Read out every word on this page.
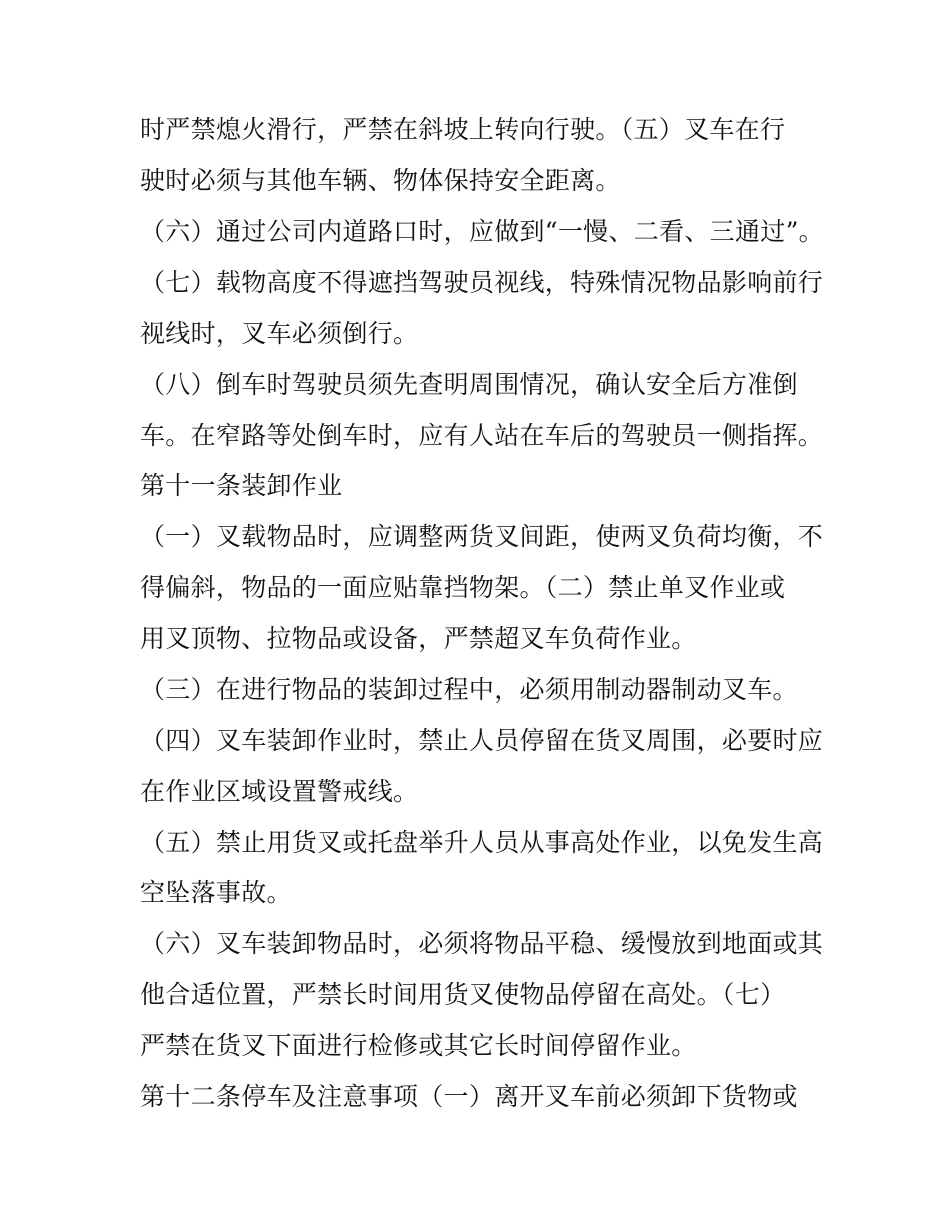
时严禁熄火滑行，严禁在斜坡上转向行驶。（五）叉车在行
驶时必须与其他车辆、物体保持安全距离。
（六）通过公司内道路口时，应做到“一慢、二看、三通过”。
（七）载物高度不得遮挡驾驶员视线，特殊情况物品影响前行
视线时，叉车必须倒行。
（八）倒车时驾驶员须先查明周围情况，确认安全后方准倒
车。在窄路等处倒车时，应有人站在车后的驾驶员一侧指挥。
第十一条装卸作业
（一）叉载物品时，应调整两货叉间距，使两叉负荷均衡，不
得偏斜，物品的一面应贴靠挡物架。（二）禁止单叉作业或
用叉顶物、拉物品或设备，严禁超叉车负荷作业。
（三）在进行物品的装卸过程中，必须用制动器制动叉车。
（四）叉车装卸作业时，禁止人员停留在货叉周围，必要时应
在作业区域设置警戒线。
（五）禁止用货叉或托盘举升人员从事高处作业，以免发生高
空坠落事故。
（六）叉车装卸物品时，必须将物品平稳、缓慢放到地面或其
他合适位置，严禁长时间用货叉使物品停留在高处。（七）
严禁在货叉下面进行检修或其它长时间停留作业。
第十二条停车及注意事项（一）离开叉车前必须卸下货物或
